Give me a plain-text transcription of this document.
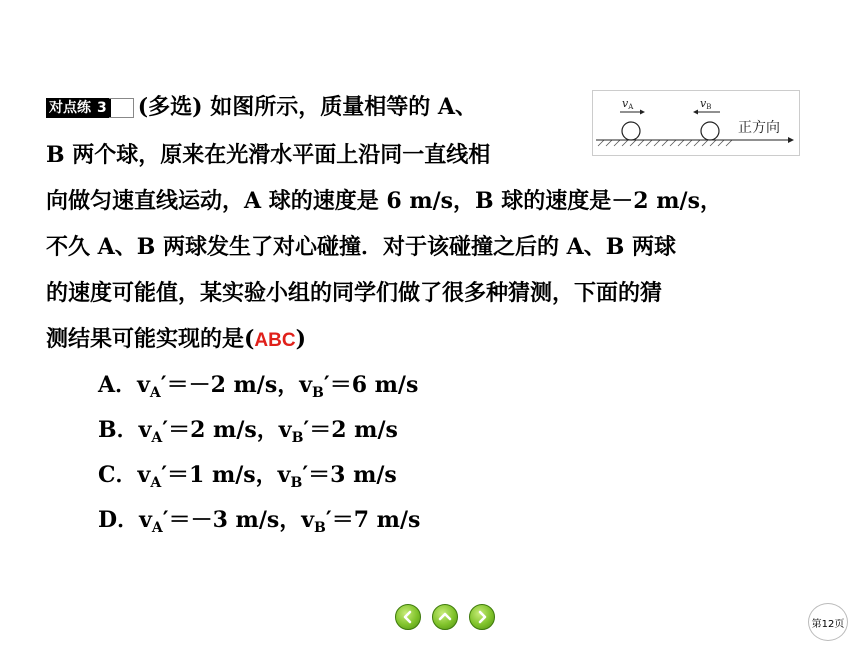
对点练 3 (多选) 如图所示，质量相等的 A、
B 两个球，原来在光滑水平面上沿同一直线相
向做匀速直线运动，A 球的速度是 6 m/s，B 球的速度是－2 m/s，
不久 A、B 两球发生了对心碰撞．对于该碰撞之后的 A、B 两球
的速度可能值，某实验小组的同学们做了很多种猜测，下面的猜
测结果可能实现的是(ABC)
A．$v_A'=-2$ m/s，$v_B'=6$ m/s
B．$v_A'=2$ m/s，$v_B'=2$ m/s
C．$v_A'=1$ m/s，$v_B'=3$ m/s
D．$v_A'=-3$ m/s，$v_B'=7$ m/s
正方向
vA	vB
第12页
